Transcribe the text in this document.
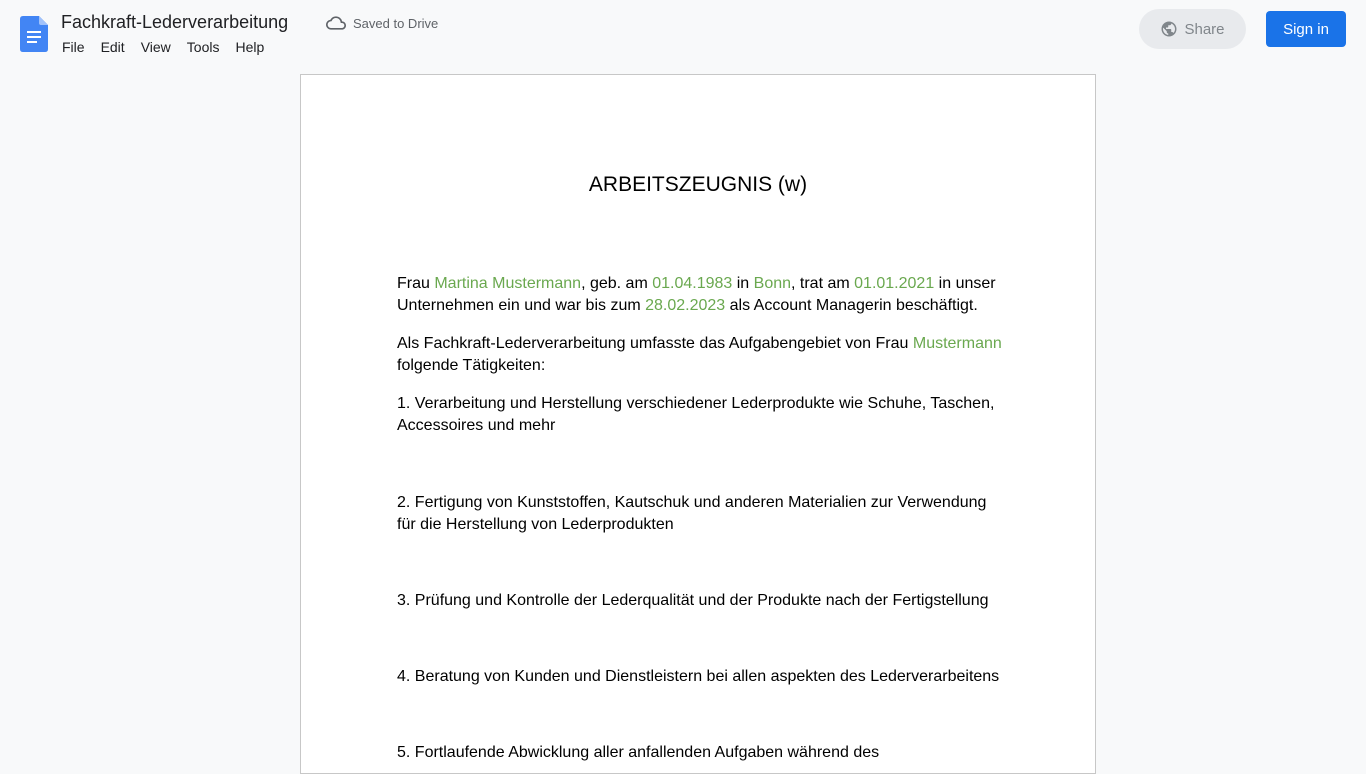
Fachkraft-Lederverarbeitung	Saved to Drive
File	Edit	View	Tools	Help
Share	Sign in
ARBEITSZEUGNIS (w)

Frau Martina Mustermann, geb. am 01.04.1983 in Bonn, trat am 01.01.2021 in unser Unternehmen ein und war bis zum 28.02.2023 als Account Managerin beschäftigt.

Als Fachkraft-Lederverarbeitung umfasste das Aufgabengebiet von Frau Mustermann folgende Tätigkeiten:

1. Verarbeitung und Herstellung verschiedener Lederprodukte wie Schuhe, Taschen, Accessoires und mehr

2. Fertigung von Kunststoffen, Kautschuk und anderen Materialien zur Verwendung für die Herstellung von Lederprodukten

3. Prüfung und Kontrolle der Lederqualität und der Produkte nach der Fertigstellung

4. Beratung von Kunden und Dienstleistern bei allen aspekten des Lederverarbeitens

5. Fortlaufende Abwicklung aller anfallenden Aufgaben während des
